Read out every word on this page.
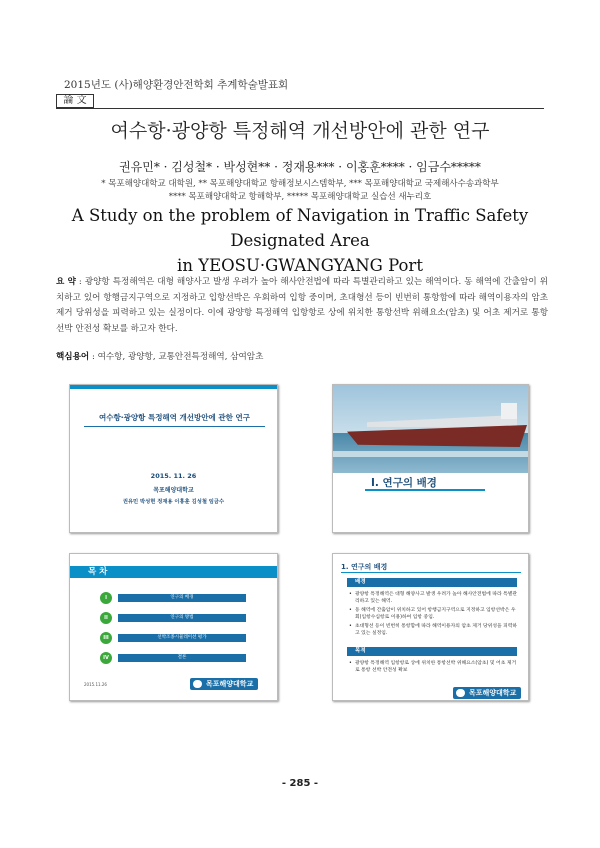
2015년도 (사)해양환경안전학회 추계학술발표회
論 文
여수항·광양항 특정해역 개선방안에 관한 연구
권유민* · 김성철* · 박성현** · 정재용*** · 이홍훈**** · 임금수*****
* 목포해양대학교 대학원, ** 목포해양대학교 항해정보시스템학부, *** 목포해양대학교 국제해사수송과학부
**** 목포해양대학교 항해학부, ***** 목포해양대학교 실습선 새누리호
A Study on the problem of Navigation in Traffic Safety Designated Area
in YEOSU·GWANGYANG Port
요 약 : 광양항 특정해역은 대형 해양사고 발생 우려가 높아 해사안전법에 따라 특별관리하고 있는 해역이다. 동 해역에 간출암이 위치하고 있어 항행금지구역으로 지정하고 입항선박은 우회하여 입항 중이며, 초대형선 등이 빈번히 통항함에 따라 해역이용자의 암초 제거 당위성을 피력하고 있는 실정이다. 이에 광양항 특정해역 입항항로 상에 위치한 통항선박 위해요소(암초) 및 어초 제거로 통항 선박 안전성 확보를 하고자 한다.
핵심용어 : 여수항, 광양항, 교통안전특정해역, 삼여암초
여수항·광양항 특정해역 개선방안에 관한 연구
2015. 11. 26
목포해양대학교
권유민 박성현 정재용 이홍훈 김성철 임금수
I. 연구의 배경
목 차
I	연구의 배경
II	연구의 방법
III	선박조종시뮬레이션 평가
IV	결론
2015.11.26	목포해양대학교
1. 연구의 배경
배경
• 광양항 특정해역은 대형 해양사고 발생 우려가 높아 해사안전법에 따라 특별관리하고 있는 해역.
• 동 해역에 간출암이 위치하고 있어 항행금지구역으로 지정하고 입항선박은 우회(입항수심항로 이용)하여 입항 중임.
• 초대형선 등이 빈번히 통항함에 따라 해역이용자의 암초 제거 당위성을 피력하고 있는 실정임.
목적
• 광양항 특정해역 입항항로 상에 위치한 통항선박 위해요소(암초) 및 어초 제거로 통항 선박 안전성 확보
목포해양대학교
- 285 -
